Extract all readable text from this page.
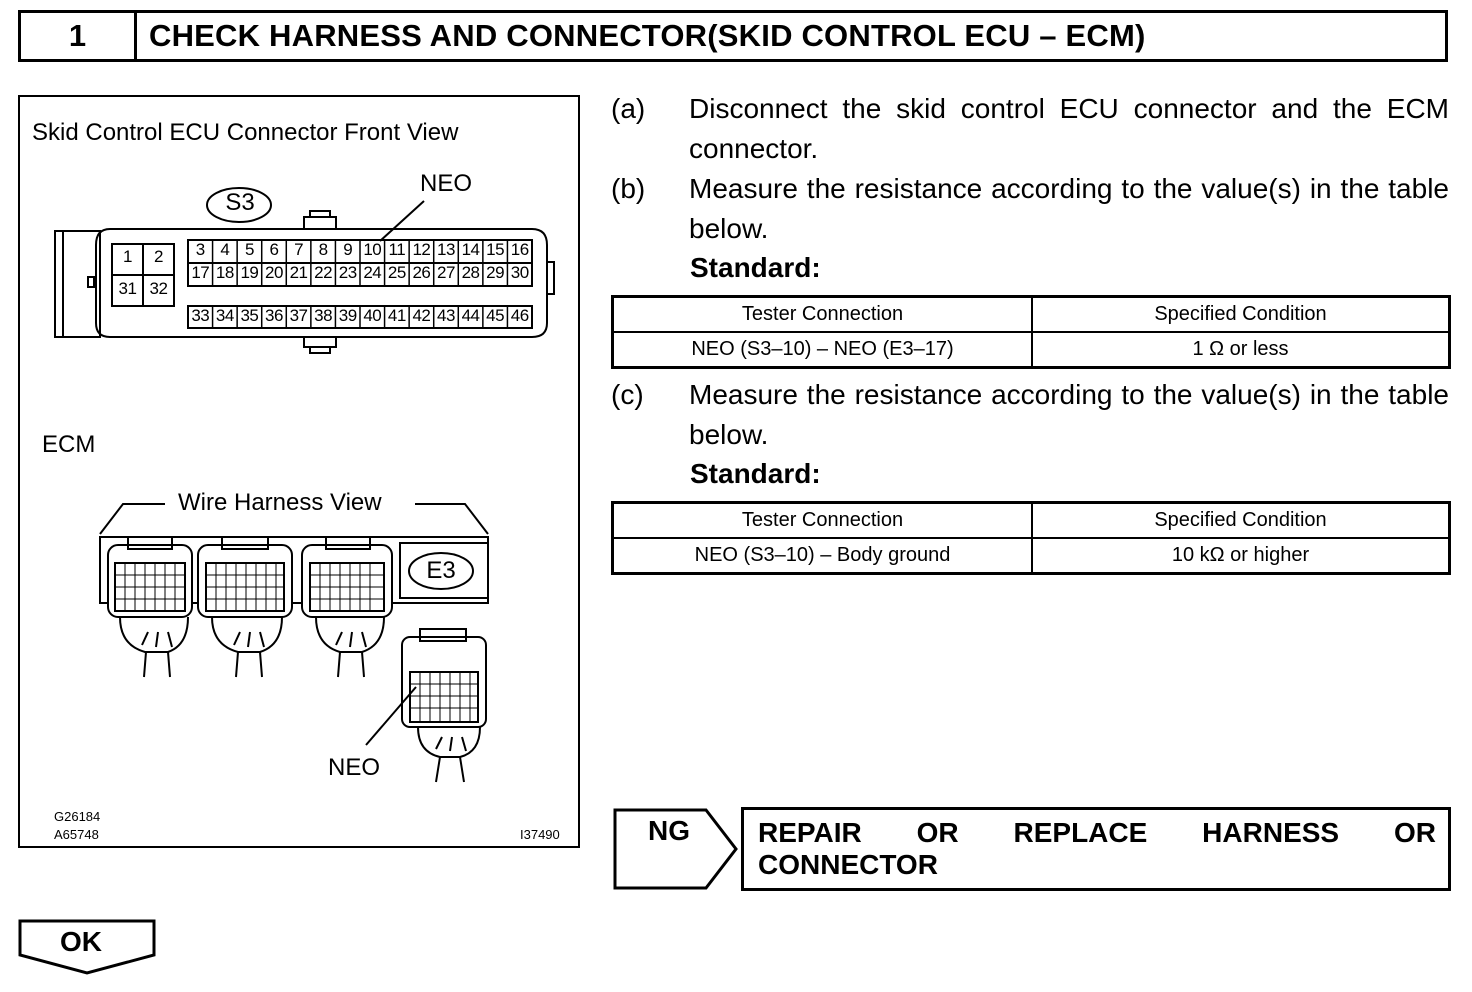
1	CHECK HARNESS AND CONNECTOR(SKID CONTROL ECU – ECM)
1	2
31 32
3 4 5 6 7 8 9 10 11 12 13 14 15 16
17 18 19 20 21 22 23 24 25 26 27 28 29 30
33 34 35 36 37 38 39 40 41 42 43 44 45 46
Skid Control ECU Connector Front View
S3
NEO
ECM
Wire Harness View
E3
NEO
G26184
A65748	I37490
(a) Disconnect the skid control ECU connector and the ECM connector.
(b) Measure the resistance according to the value(s) in the table below.
Standard:
Tester Connection	Specified Condition
NEO (S3–10) – NEO (E3–17)	1 Ω or less
(c) Measure the resistance according to the value(s) in the table below.
Standard:
Tester Connection	Specified Condition
NEO (S3–10) – Body ground	10 kΩ or higher
NG	REPAIR OR REPLACE HARNESS OR CONNECTOR
OK
